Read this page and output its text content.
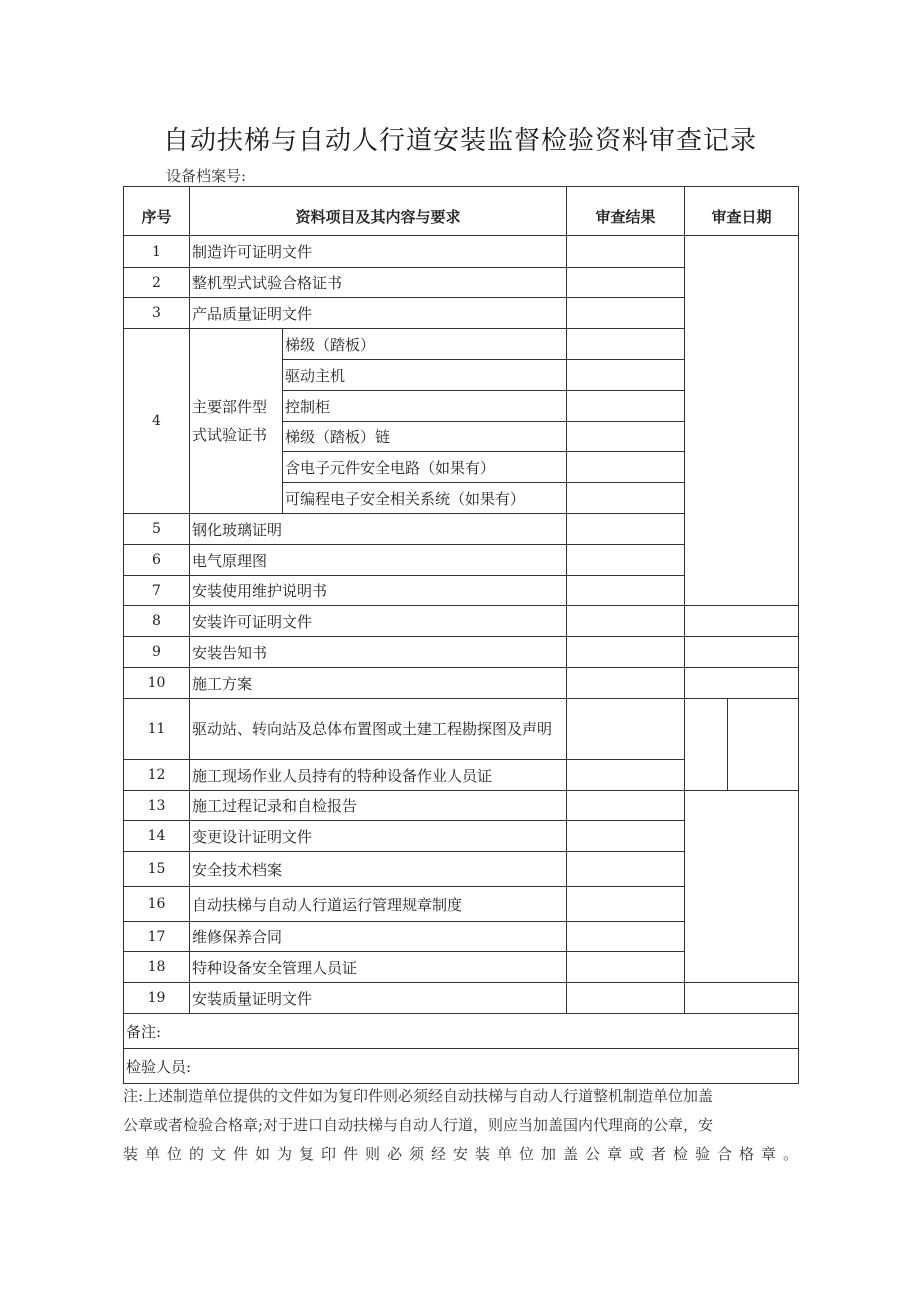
自动扶梯与自动人行道安装监督检验资料审查记录
设备档案号:
序号	资料项目及其内容与要求		审查结果	审查日期	
1	制造许可证明文件				
2	整机型式试验合格证书				
3	产品质量证明文件				
4	主要部件型式试验证书	梯级（踏板）			
		驱动主机			
		控制柜			
		梯级（踏板）链			
		含电子元件安全电路（如果有）			
		可编程电子安全相关系统（如果有）			
5	钢化玻璃证明				
6	电气原理图				
7	安装使用维护说明书				
8	安装许可证明文件				
9	安装告知书				
10	施工方案				
11	驱动站、转向站及总体布置图或土建工程勘探图及声明				
12	施工现场作业人员持有的特种设备作业人员证				
13	施工过程记录和自检报告				
14	变更设计证明文件				
15	安全技术档案				
16	自动扶梯与自动人行道运行管理规章制度				
17	维修保养合同				
18	特种设备安全管理人员证				
19	安装质量证明文件				
备注:					
检验人员:					
注:上述制造单位提供的文件如为复印件则必须经自动扶梯与自动人行道整机制造单位加盖
公章或者检验合格章;对于进口自动扶梯与自动人行道，则应当加盖国内代理商的公章，安
装单位的文件如为复印件则必须经安装单位加盖公章或者检验合格章。
